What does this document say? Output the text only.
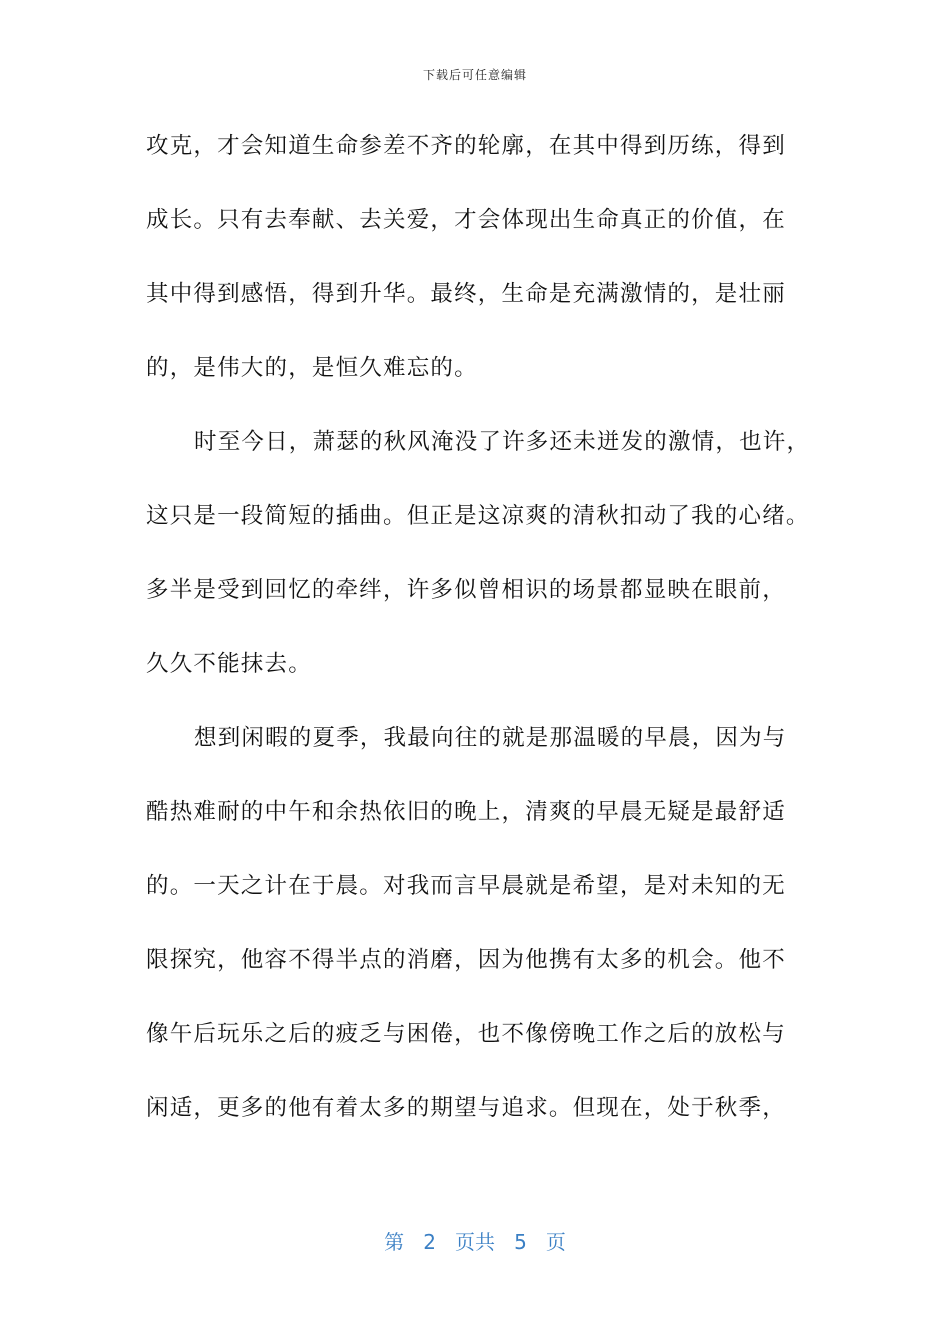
下载后可任意编辑
攻克，才会知道生命参差不齐的轮廓，在其中得到历练，得到
成长。只有去奉献、去关爱，才会体现出生命真正的价值，在
其中得到感悟，得到升华。最终，生命是充满激情的，是壮丽
的，是伟大的，是恒久难忘的。
时至今日，萧瑟的秋风淹没了许多还未迸发的激情，也许，
这只是一段简短的插曲。但正是这凉爽的清秋扣动了我的心绪。
多半是受到回忆的牵绊，许多似曾相识的场景都显映在眼前，
久久不能抹去。
想到闲暇的夏季，我最向往的就是那温暖的早晨，因为与
酷热难耐的中午和余热依旧的晚上，清爽的早晨无疑是最舒适
的。一天之计在于晨。对我而言早晨就是希望，是对未知的无
限探究，他容不得半点的消磨，因为他携有太多的机会。他不
像午后玩乐之后的疲乏与困倦，也不像傍晚工作之后的放松与
闲适，更多的他有着太多的期望与追求。但现在，处于秋季，
第 2 页共 5 页
